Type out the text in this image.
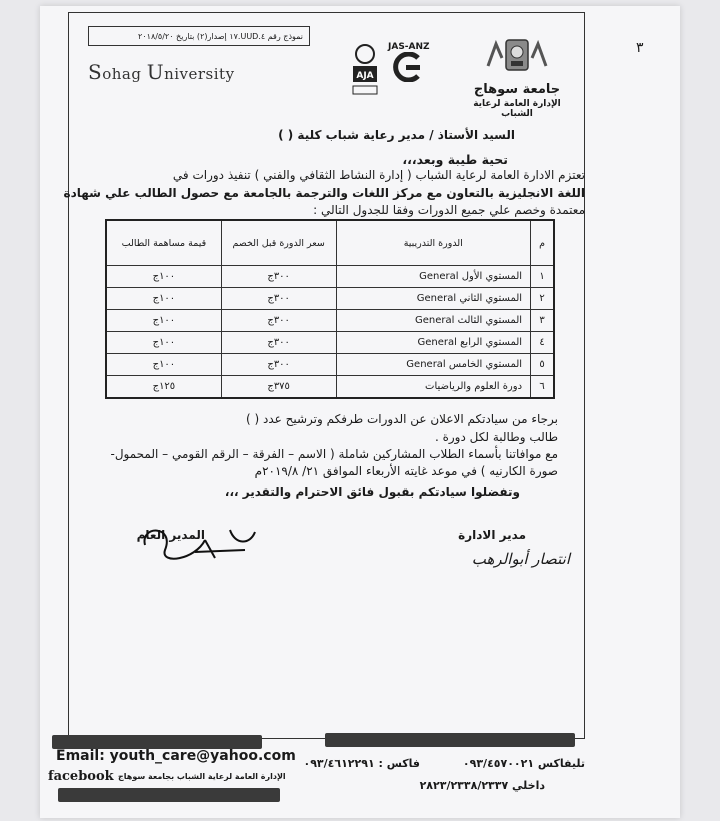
نموذج رقم ٤.UUD.١٧ إصدار(٢) بتاريخ ٢٠١٨/٥/٢٠
Sohag University	AJA
JAS-ANZ
جامعة سوهاج
الإدارة العامة لرعاية الشباب
٣
السيد الأستاذ / مدير رعاية شباب كلية ( )
تحية طيبة وبعد،،،
تعتزم الادارة العامة لرعاية الشباب ( إدارة النشاط الثقافي والفني ) تنفيذ دورات في
اللغة الانجليزية بالتعاون مع مركز اللغات والترجمة بالجامعة مع حصول الطالب علي شهادة
معتمدة وخصم علي جميع الدورات وفقا للجدول التالي :
م	الدورة التدريبية	سعر الدورة قبل الخصم	قيمة مساهمة الطالب
١	المستوي الأول General	٣٠٠ج	١٠٠ج
٢	المستوي الثاني General	٣٠٠ج	١٠٠ج
٣	المستوي الثالث General	٣٠٠ج	١٠٠ج
٤	المستوي الرابع General	٣٠٠ج	١٠٠ج
٥	المستوي الخامس General	٣٠٠ج	١٠٠ج
٦	دورة العلوم والرياضيات	٣٧٥ج	١٢٥ج
برجاء من سيادتكم الاعلان عن الدورات طرفكم وترشيح عدد ( )
طالب وطالبة لكل دورة .
مع موافاتنا بأسماء الطلاب المشاركين شاملة ( الاسم – الفرقة – الرقم القومي – المحمول-
صورة الكارنيه ) في موعد غايته الأربعاء الموافق ٢١/ ٢٠١٩/٨م
وتفضلوا سيادتكم بقبول فائق الاحترام والتقدير ،،،
المدير العام	مدير الادارة
انتصار أبوالرهب
Email: youth_care@yahoo.com
facebook الإدارة العامة لرعاية الشباب بجامعة سوهاج
تليفاكس ٠٩٣/٤٥٧٠٠٢١
فاكس : ٠٩٣/٤٦١٢٢٩١
داخلي ٢٨٢٣/٢٣٣٨/٢٣٣٧
